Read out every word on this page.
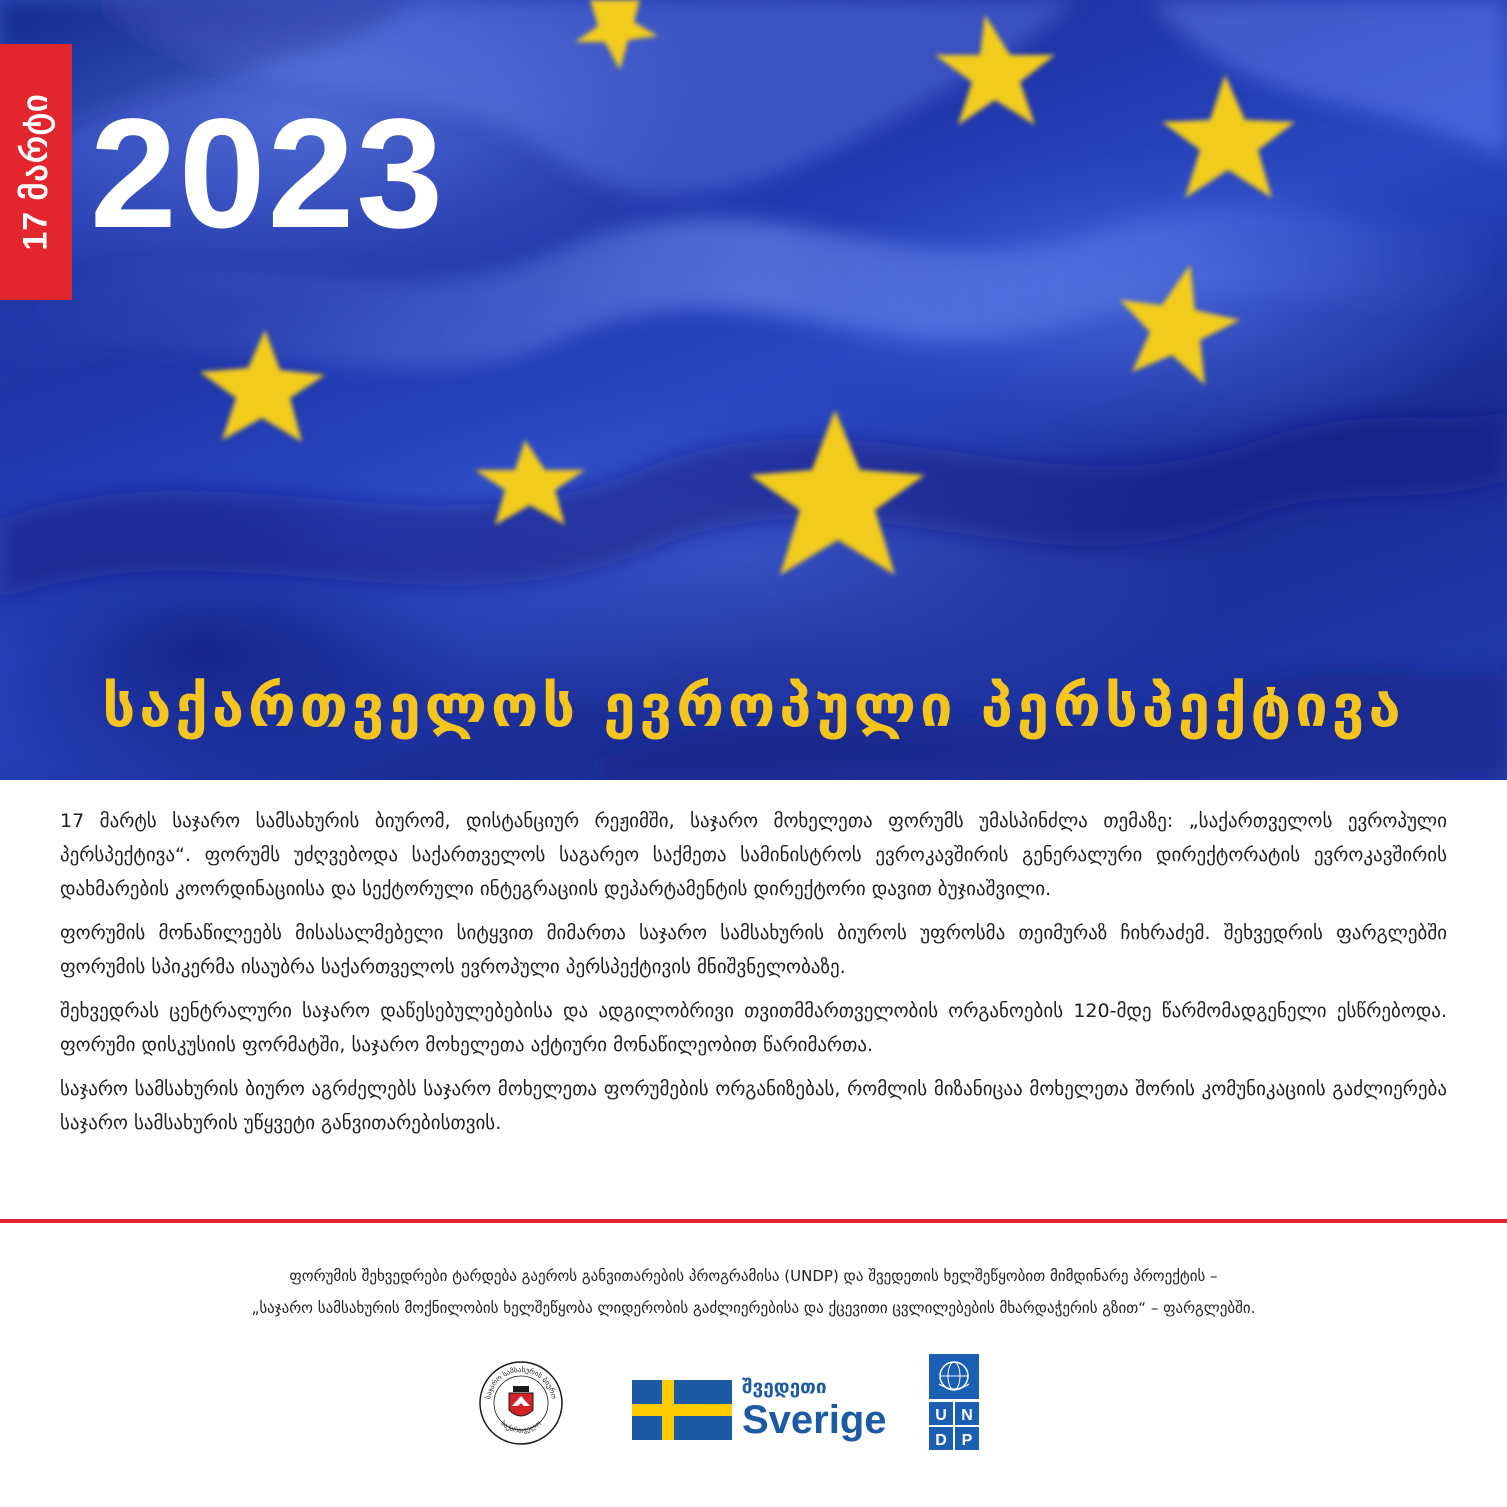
17 მარტი 2023
საქართველოს ევროპული პერსპექტივა

17 მარტს საჯარო სამსახურის ბიურომ, დისტანციურ რეჟიმში, საჯარო მოხელეთა ფორუმს უმასპინძლა თემაზე: „საქართველოს ევროპული პერსპექტივა“. ფორუმს უძღვებოდა საქართველოს საგარეო საქმეთა სამინისტროს ევროკავშირის გენერალური დირექტორატის ევროკავშირის დახმარების კოორდინაციისა და სექტორული ინტეგრაციის დეპარტამენტის დირექტორი დავით ბუჯიაშვილი.

ფორუმის მონაწილეებს მისასალმებელი სიტყვით მიმართა საჯარო სამსახურის ბიუროს უფროსმა თეიმურაზ ჩიხრაძემ. შეხვედრის ფარგლებში ფორუმის სპიკერმა ისაუბრა საქართველოს ევროპული პერსპექტივის მნიშვნელობაზე.

შეხვედრას ცენტრალური საჯარო დაწესებულებებისა და ადგილობრივი თვითმმართველობის ორგანოების 120-მდე წარმომადგენელი ესწრებოდა. ფორუმი დისკუსიის ფორმატში, საჯარო მოხელეთა აქტიური მონაწილეობით წარიმართა.

საჯარო სამსახურის ბიურო აგრძელებს საჯარო მოხელეთა ფორუმების ორგანიზებას, რომლის მიზანიცაა მოხელეთა შორის კომუნიკაციის გაძლიერება საჯარო სამსახურის უწყვეტი განვითარებისთვის.

ფორუმის შეხვედრები ტარდება გაეროს განვითარების პროგრამისა (UNDP) და შვედეთის ხელშეწყობით მიმდინარე პროექტის –
„საჯარო სამსახურის მოქნილობის ხელშეწყობა ლიდერობის გაძლიერებისა და ქცევითი ცვლილებების მხარდაჭერის გზით“ – ფარგლებში.
საჯარო სამსახურის ბიურო
საქართველო
შვედეთი
Sverige	U N
D P
